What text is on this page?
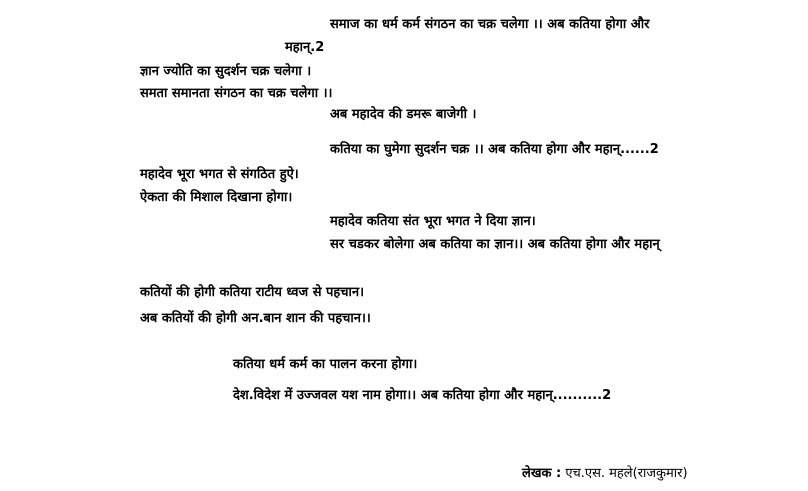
समाज का धर्म कर्म संगठन का चक्र चलेगा ।। अब कतिया होगा और
महान्.2
ज्ञान ज्योति का सुदर्शन चक्र चलेगा ।
समता समानता संगठन का चक्र चलेगा ।।
अब महादेव की डमरू बाजेगी ।
कतिया का घुमेगा सुदर्शन चक्र ।। अब कतिया होगा और महान्......2
महादेव भूरा भगत से संगठित हुऐ।
ऐकता की मिशाल दिखाना होगा।
महादेव कतिया संत भूरा भगत ने दिया ज्ञान।
सर चडकर बोलेगा अब कतिया का ज्ञान।। अब कतिया होगा और महान्
कतियों की होगी कतिया राटीय ध्वज से पहचान।
अब कतियों की होगी अन.बान शान की पहचान।।
कतिया धर्म कर्म का पालन करना होगा।
देश.विदेश में उज्जवल यश नाम होगा।। अब कतिया होगा और महान्..........2
लेखक : एच.एस. महले(राजकुमार)
